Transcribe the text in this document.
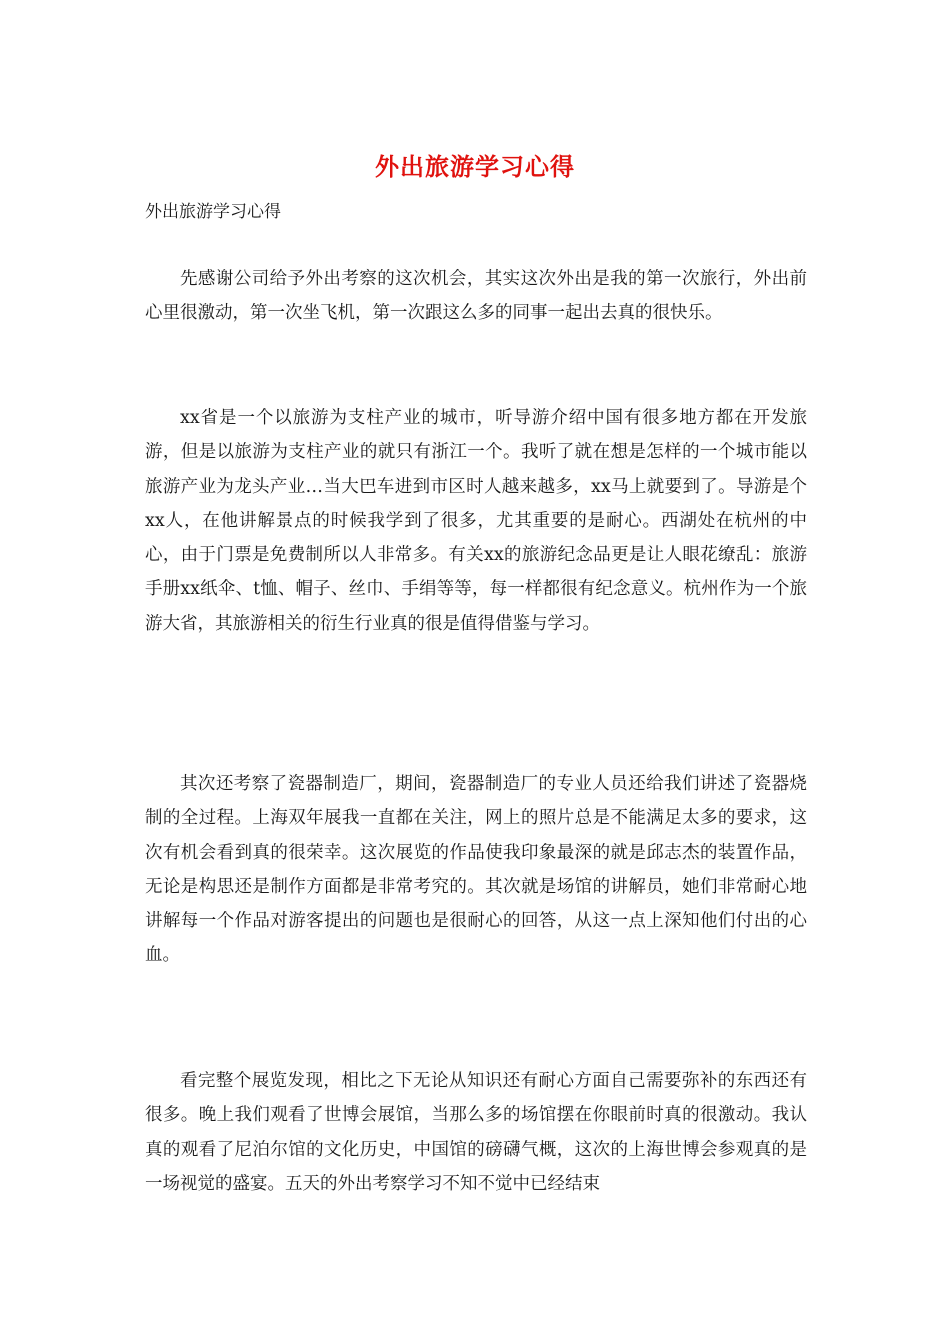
外出旅游学习心得

外出旅游学习心得

先感谢公司给予外出考察的这次机会，其实这次外出是我的第一次旅行，外出前心里很激动，第一次坐飞机，第一次跟这么多的同事一起出去真的很快乐。

xx省是一个以旅游为支柱产业的城市，听导游介绍中国有很多地方都在开发旅游，但是以旅游为支柱产业的就只有浙江一个。我听了就在想是怎样的一个城市能以旅游产业为龙头产业…当大巴车进到市区时人越来越多，xx马上就要到了。导游是个xx人，在他讲解景点的时候我学到了很多，尤其重要的是耐心。西湖处在杭州的中心，由于门票是免费制所以人非常多。有关xx的旅游纪念品更是让人眼花缭乱：旅游手册xx纸伞、t恤、帽子、丝巾、手绢等等，每一样都很有纪念意义。杭州作为一个旅游大省，其旅游相关的衍生行业真的很是值得借鉴与学习。

其次还考察了瓷器制造厂，期间，瓷器制造厂的专业人员还给我们讲述了瓷器烧制的全过程。上海双年展我一直都在关注，网上的照片总是不能满足太多的要求，这次有机会看到真的很荣幸。这次展览的作品使我印象最深的就是邱志杰的装置作品，无论是构思还是制作方面都是非常考究的。其次就是场馆的讲解员，她们非常耐心地讲解每一个作品对游客提出的问题也是很耐心的回答，从这一点上深知他们付出的心血。

看完整个展览发现，相比之下无论从知识还有耐心方面自己需要弥补的东西还有很多。晚上我们观看了世博会展馆，当那么多的场馆摆在你眼前时真的很激动。我认真的观看了尼泊尔馆的文化历史，中国馆的磅礴气概，这次的上海世博会参观真的是一场视觉的盛宴。五天的外出考察学习不知不觉中已经结束
